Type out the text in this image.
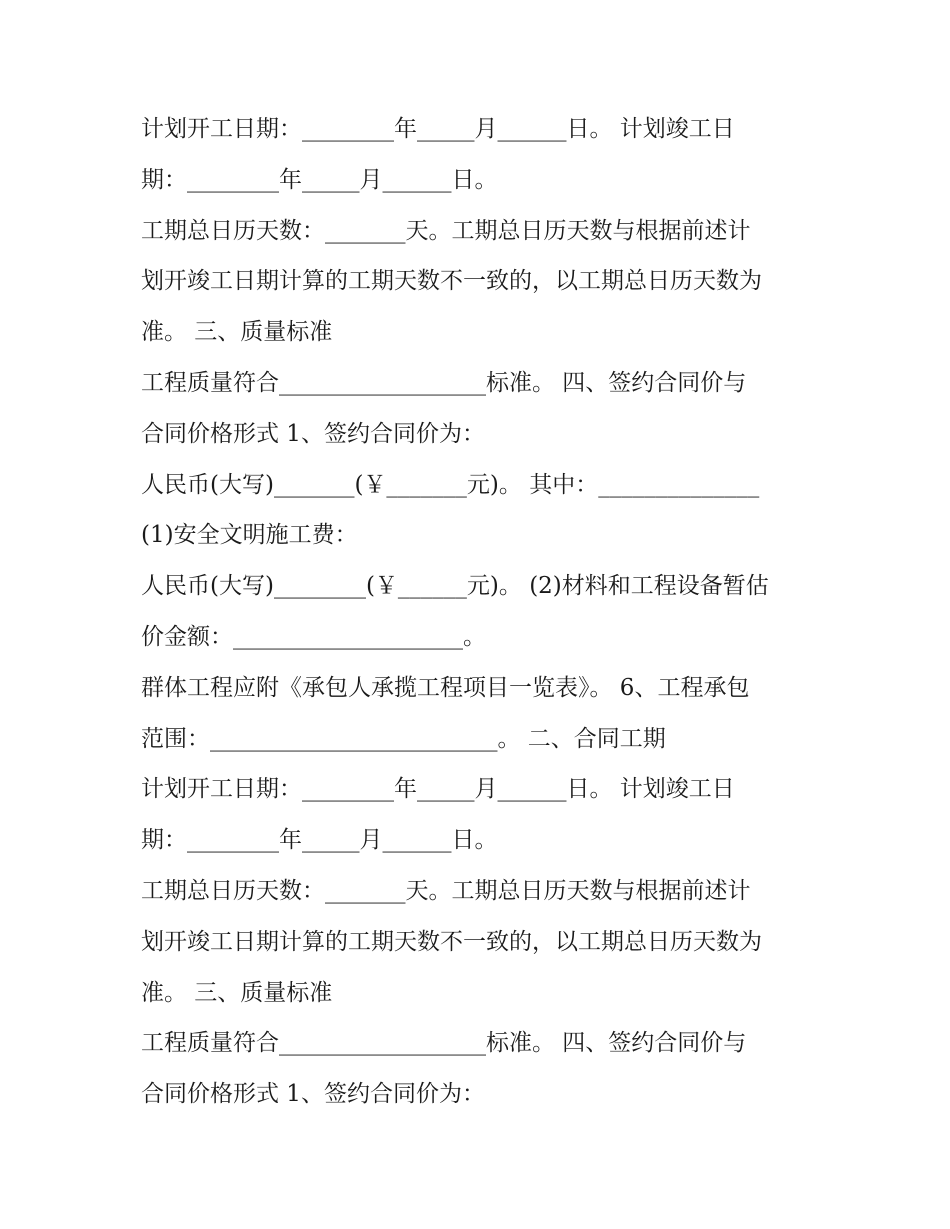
计划开工日期：________年_____月______日。 计划竣工日
期：________年_____月______日。
工期总日历天数：_______天。工期总日历天数与根据前述计
划开竣工日期计算的工期天数不一致的，以工期总日历天数为
准。 三、质量标准
工程质量符合__________________标准。 四、签约合同价与
合同价格形式 1、签约合同价为：
人民币(大写)_______(￥_______元)。 其中：______________
(1)安全文明施工费：
人民币(大写)________(￥______元)。 (2)材料和工程设备暂估
价金额：____________________。
群体工程应附《承包人承揽工程项目一览表》。 6、工程承包
范围：_________________________。 二、合同工期
计划开工日期：________年_____月______日。 计划竣工日
期：________年_____月______日。
工期总日历天数：_______天。工期总日历天数与根据前述计
划开竣工日期计算的工期天数不一致的，以工期总日历天数为
准。 三、质量标准
工程质量符合__________________标准。 四、签约合同价与
合同价格形式 1、签约合同价为：
